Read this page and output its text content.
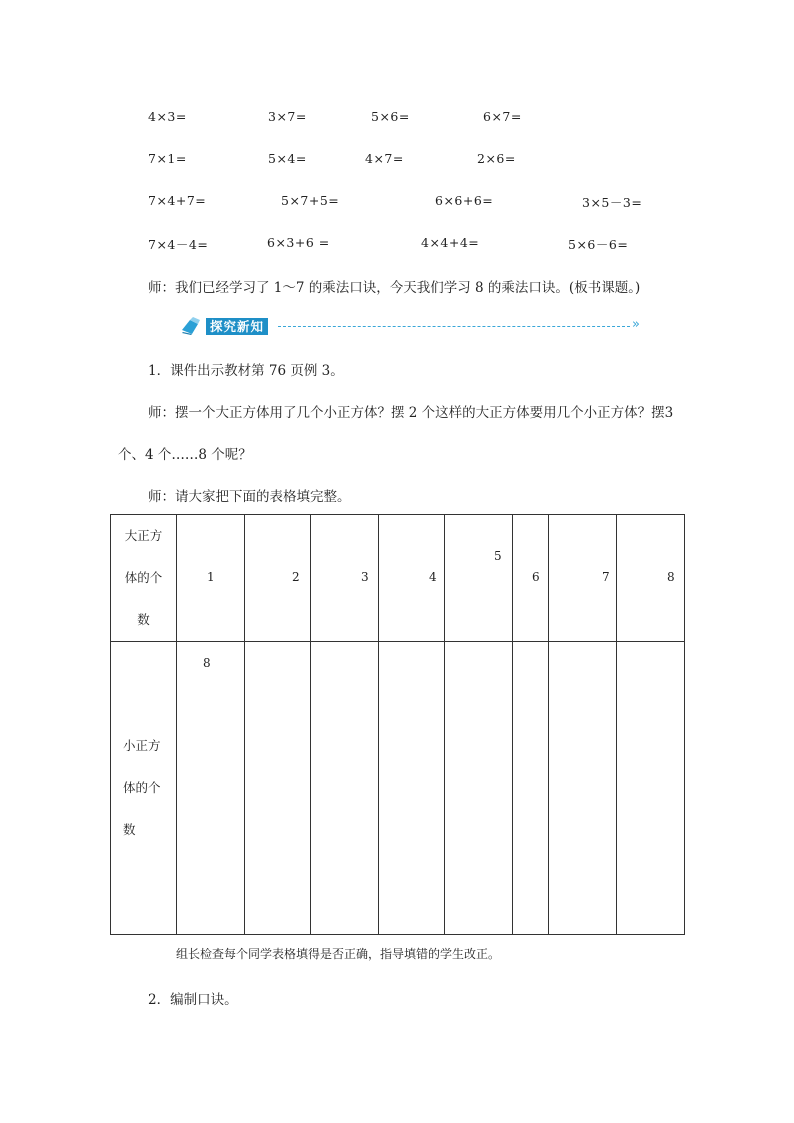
4×3=	3×7=	5×6=	6×7=
7×1=	5×4=	4×7=	2×6=
7×4+7=	5×7+5=	6×6+6=	3×5－3=
7×4－4=	6×3+6 =	4×4+4=	5×6－6=
师：我们已经学习了 1～7 的乘法口诀，今天我们学习 8 的乘法口诀。(板书课题。)
探究新知	»
1．课件出示教材第 76 页例 3。
师：摆一个大正方体用了几个小正方体？摆 2 个这样的大正方体要用几个小正方体？摆3
个、4 个……8 个呢？
师：请大家把下面的表格填完整。
大正方
体的个
数	1	2	3	4	5	6	7	8

小正方
体的个
数	8							

组长检查每个同学表格填得是否正确，指导填错的学生改正。
2．编制口诀。
